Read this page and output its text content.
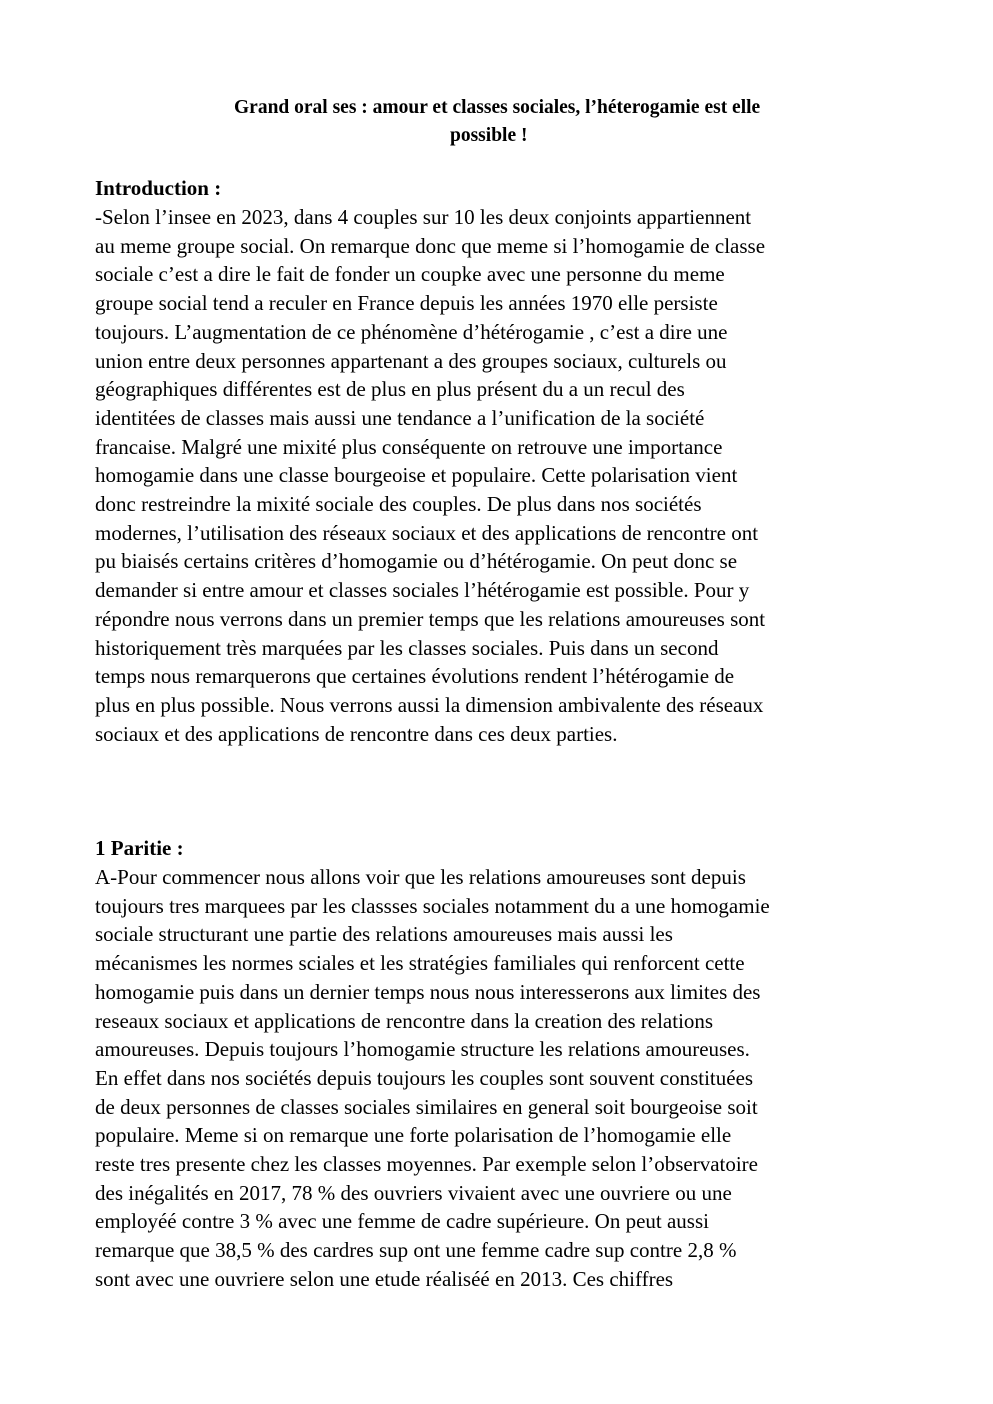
Grand oral ses : amour et classes sociales, l’héterogamie est elle
possible !
Introduction :
-Selon l’insee en 2023, dans 4 couples sur 10 les deux conjoints appartiennent
au meme groupe social. On remarque donc que meme si l’homogamie de classe
sociale c’est a dire le fait de fonder un coupke avec une personne du meme
groupe social tend a reculer en France depuis les années 1970 elle persiste
toujours. L’augmentation de ce phénomène d’hétérogamie , c’est a dire une
union entre deux personnes appartenant a des groupes sociaux, culturels ou
géographiques différentes est de plus en plus présent du a un recul des
identitées de classes mais aussi une tendance a l’unification de la société
francaise. Malgré une mixité plus conséquente on retrouve une importance
homogamie dans une classe bourgeoise et populaire. Cette polarisation vient
donc restreindre la mixité sociale des couples. De plus dans nos sociétés
modernes, l’utilisation des réseaux sociaux et des applications de rencontre ont
pu biaisés certains critères d’homogamie ou d’hétérogamie. On peut donc se
demander si entre amour et classes sociales l’hétérogamie est possible. Pour y
répondre nous verrons dans un premier temps que les relations amoureuses sont
historiquement très marquées par les classes sociales. Puis dans un second
temps nous remarquerons que certaines évolutions rendent l’hétérogamie de
plus en plus possible. Nous verrons aussi la dimension ambivalente des réseaux
sociaux et des applications de rencontre dans ces deux parties.
1 Paritie :
A-Pour commencer nous allons voir que les relations amoureuses sont depuis
toujours tres marquees par les classses sociales notamment du a une homogamie
sociale structurant une partie des relations amoureuses mais aussi les
mécanismes les normes sciales et les stratégies familiales qui renforcent cette
homogamie puis dans un dernier temps nous nous interesserons aux limites des
reseaux sociaux et applications de rencontre dans la creation des relations
amoureuses. Depuis toujours l’homogamie structure les relations amoureuses.
En effet dans nos sociétés depuis toujours les couples sont souvent constituées
de deux personnes de classes sociales similaires en general soit bourgeoise soit
populaire. Meme si on remarque une forte polarisation de l’homogamie elle
reste tres presente chez les classes moyennes. Par exemple selon l’observatoire
des inégalités en 2017, 78 % des ouvriers vivaient avec une ouvriere ou une
employéé contre 3 % avec une femme de cadre supérieure. On peut aussi
remarque que 38,5 % des cardres sup ont une femme cadre sup contre 2,8 %
sont avec une ouvriere selon une etude réaliséé en 2013. Ces chiffres
